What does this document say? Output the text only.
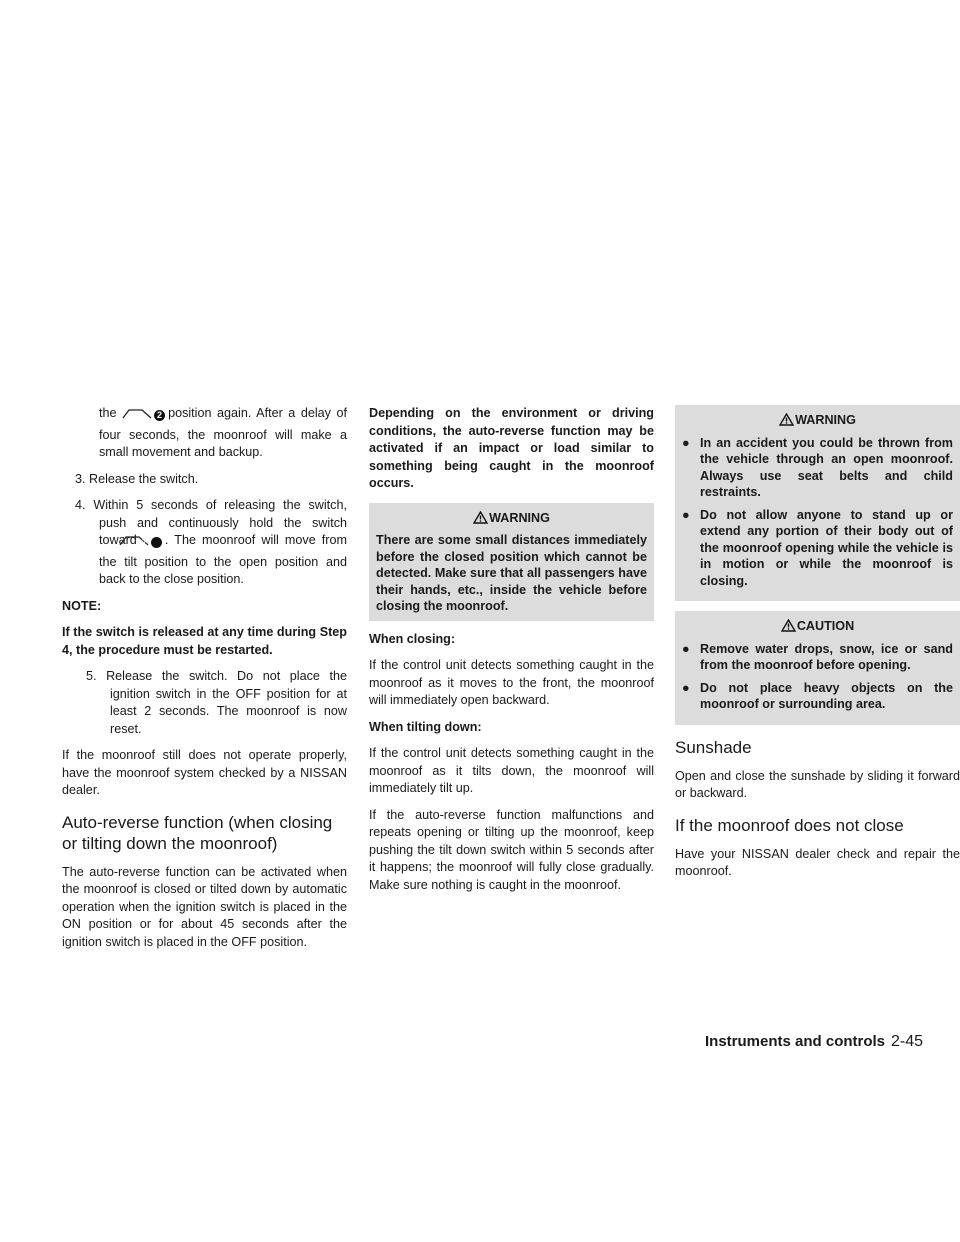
the	2 position again. After a delay of four seconds, the moonroof will make a small movement and backup.

3. Release the switch.

4. Within 5 seconds of releasing the switch, push and continuously hold the switch toward 2 . The moonroof will move from the tilt position to the open position and back to the close position.

NOTE:

If the switch is released at any time during Step 4, the procedure must be restarted.

5. Release the switch. Do not place the ignition switch in the OFF position for at least 2 seconds. The moonroof is now reset.

If the moonroof still does not operate properly, have the moonroof system checked by a NISSAN dealer.

Auto-reverse function (when closing or tilting down the moonroof)

The auto-reverse function can be activated when the moonroof is closed or tilted down by automatic operation when the ignition switch is placed in the ON position or for about 45 seconds after the ignition switch is placed in the OFF position.

Depending on the environment or driving conditions, the auto-reverse function may be activated if an impact or load similar to something being caught in the moonroof occurs.

WARNING
There are some small distances immediately before the closed position which cannot be detected. Make sure that all passengers have their hands, etc., inside the vehicle before closing the moonroof.

When closing:

If the control unit detects something caught in the moonroof as it moves to the front, the moonroof will immediately open backward.

When tilting down:

If the control unit detects something caught in the moonroof as it tilts down, the moonroof will immediately tilt up.

If the auto-reverse function malfunctions and repeats opening or tilting up the moonroof, keep pushing the tilt down switch within 5 seconds after it happens; the moonroof will fully close gradually. Make sure nothing is caught in the moonroof.

WARNING
● In an accident you could be thrown from the vehicle through an open moonroof. Always use seat belts and child restraints.
● Do not allow anyone to stand up or extend any portion of their body out of the moonroof opening while the vehicle is in motion or while the moonroof is closing.
CAUTION
● Remove water drops, snow, ice or sand from the moonroof before opening.
● Do not place heavy objects on the moonroof or surrounding area.
Sunshade

Open and close the sunshade by sliding it forward or backward.

If the moonroof does not close

Have your NISSAN dealer check and repair the moonroof.

Instruments and controls 2-45
